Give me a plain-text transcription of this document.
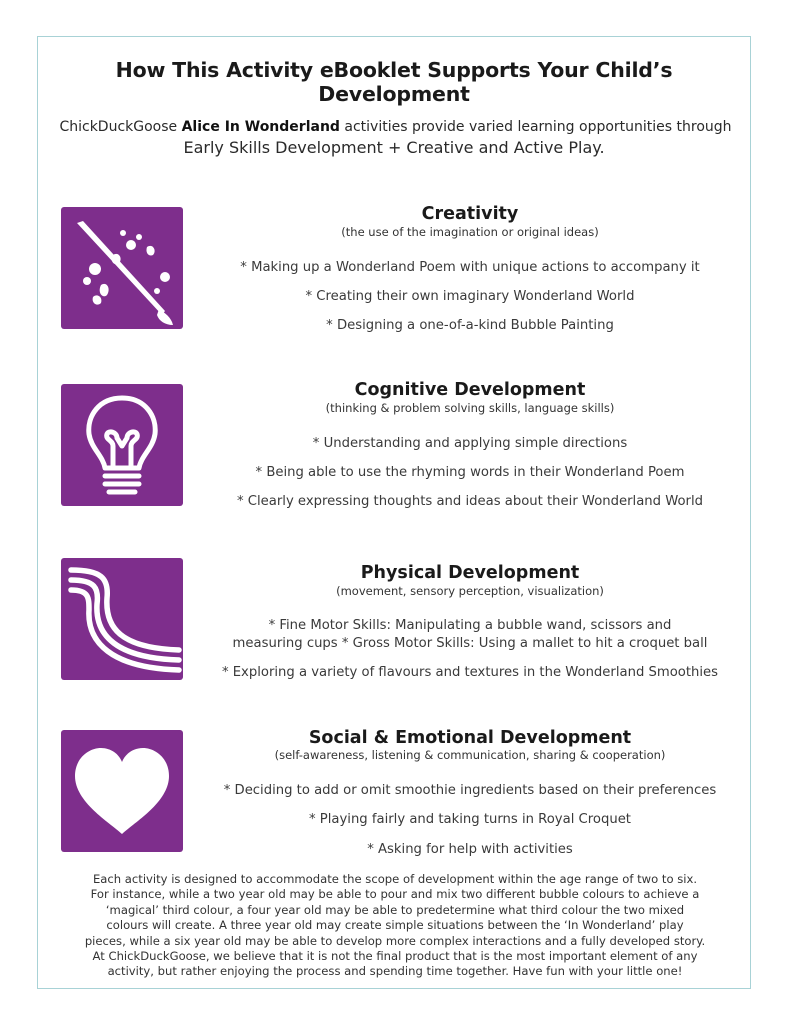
How This Activity eBooklet Supports Your Child’s Development
ChickDuckGoose Alice In Wonderland activities provide varied learning opportunities through
Early Skills Development + Creative and Active Play.
Creativity
(the use of the imagination or original ideas)
* Making up a Wonderland Poem with unique actions to accompany it
* Creating their own imaginary Wonderland World
* Designing a one-of-a-kind Bubble Painting
Cognitive Development
(thinking & problem solving skills, language skills)
* Understanding and applying simple directions
* Being able to use the rhyming words in their Wonderland Poem
* Clearly expressing thoughts and ideas about their Wonderland World
Physical Development
(movement, sensory perception, visualization)
* Fine Motor Skills: Manipulating a bubble wand, scissors and
measuring cups * Gross Motor Skills: Using a mallet to hit a croquet ball
* Exploring a variety of flavours and textures in the Wonderland Smoothies
Social & Emotional Development
(self-awareness, listening & communication, sharing & cooperation)
* Deciding to add or omit smoothie ingredients based on their preferences
* Playing fairly and taking turns in Royal Croquet
* Asking for help with activities
Each activity is designed to accommodate the scope of development within the age range of two to six.
For instance, while a two year old may be able to pour and mix two different bubble colours to achieve a
‘magical’ third colour, a four year old may be able to predetermine what third colour the two mixed
colours will create. A three year old may create simple situations between the ‘In Wonderland’ play
pieces, while a six year old may be able to develop more complex interactions and a fully developed story.
At ChickDuckGoose, we believe that it is not the final product that is the most important element of any
activity, but rather enjoying the process and spending time together. Have fun with your little one!
